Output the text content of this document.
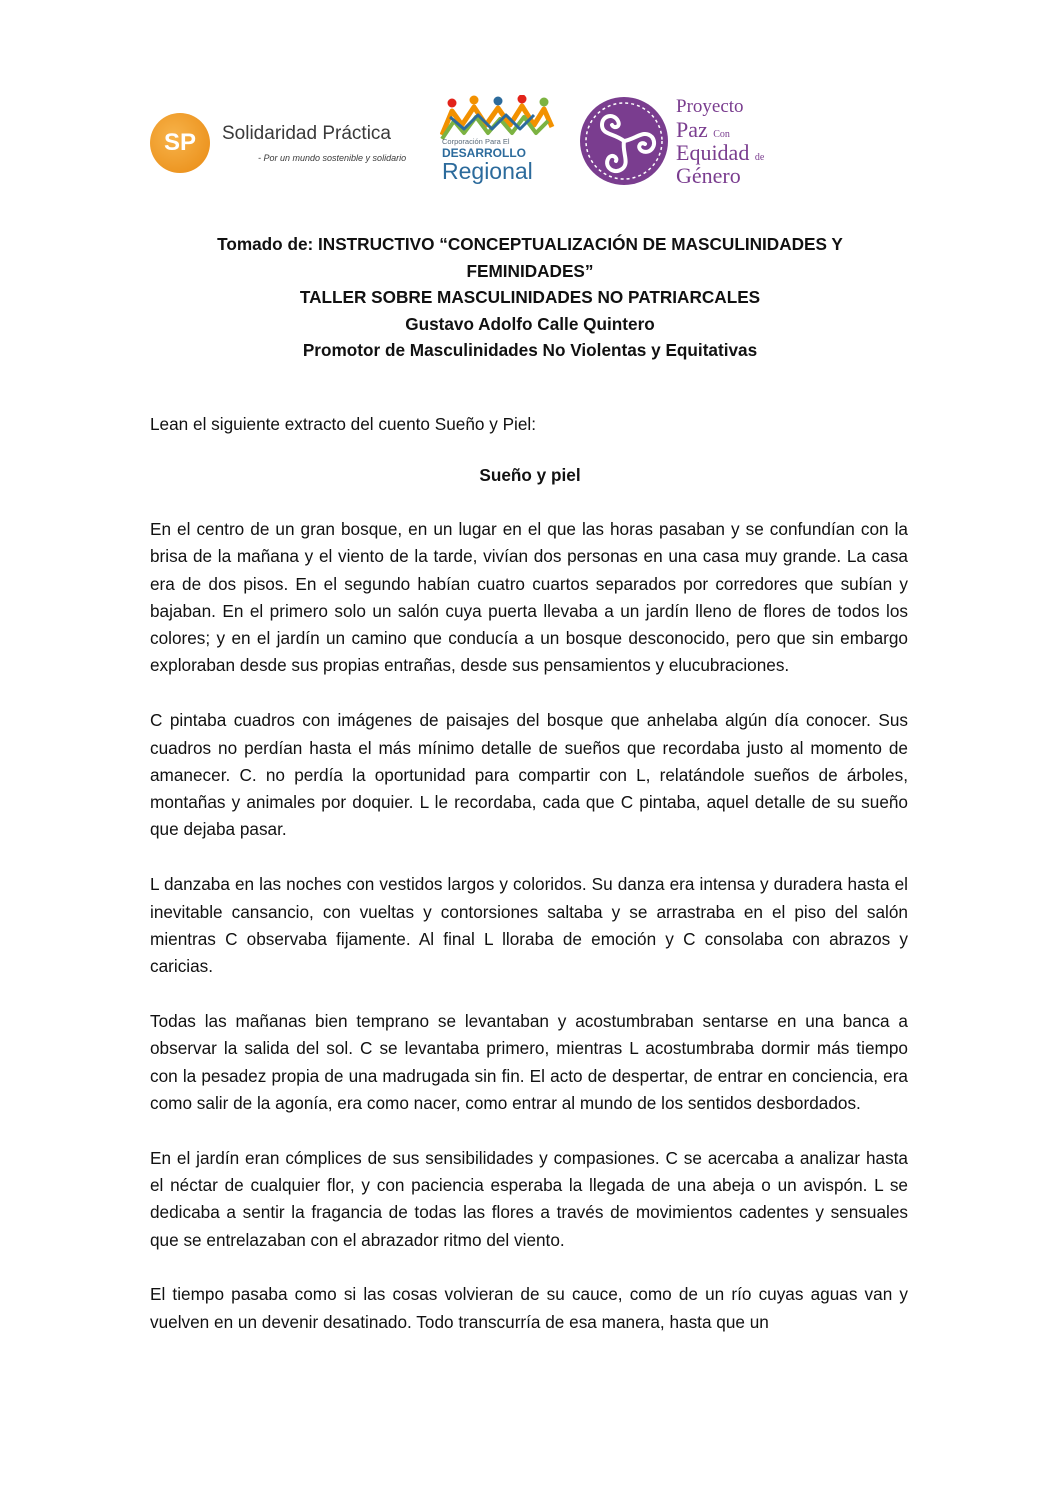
SP	Solidaridad Práctica
- Por un mundo sostenible y solidario
Corporación Para El
DESARROLLO
Regional
Proyecto
Paz Con
Equidad de
Género
Tomado de: INSTRUCTIVO “CONCEPTUALIZACIÓN DE MASCULINIDADES Y
FEMINIDADES”
TALLER SOBRE MASCULINIDADES NO PATRIARCALES
Gustavo Adolfo Calle Quintero
Promotor de Masculinidades No Violentas y Equitativas
Lean el siguiente extracto del cuento Sueño y Piel:
Sueño y piel

En el centro de un gran bosque, en un lugar en el que las horas pasaban y se confundían con la brisa de la mañana y el viento de la tarde, vivían dos personas en una casa muy grande. La casa era de dos pisos. En el segundo habían cuatro cuartos separados por corredores que subían y bajaban. En el primero solo un salón cuya puerta llevaba a un jardín lleno de flores de todos los colores; y en el jardín un camino que conducía a un bosque desconocido, pero que sin embargo exploraban desde sus propias entrañas, desde sus pensamientos y elucubraciones.

C pintaba cuadros con imágenes de paisajes del bosque que anhelaba algún día conocer. Sus cuadros no perdían hasta el más mínimo detalle de sueños que recordaba justo al momento de amanecer. C. no perdía la oportunidad para compartir con L, relatándole sueños de árboles, montañas y animales por doquier. L le recordaba, cada que C pintaba, aquel detalle de su sueño que dejaba pasar.

L danzaba en las noches con vestidos largos y coloridos. Su danza era intensa y duradera hasta el inevitable cansancio, con vueltas y contorsiones saltaba y se arrastraba en el piso del salón mientras C observaba fijamente. Al final L lloraba de emoción y C consolaba con abrazos y caricias.

Todas las mañanas bien temprano se levantaban y acostumbraban sentarse en una banca a observar la salida del sol. C se levantaba primero, mientras L acostumbraba dormir más tiempo con la pesadez propia de una madrugada sin fin. El acto de despertar, de entrar en conciencia, era como salir de la agonía, era como nacer, como entrar al mundo de los sentidos desbordados.

En el jardín eran cómplices de sus sensibilidades y compasiones. C se acercaba a analizar hasta el néctar de cualquier flor, y con paciencia esperaba la llegada de una abeja o un avispón. L se dedicaba a sentir la fragancia de todas las flores a través de movimientos cadentes y sensuales que se entrelazaban con el abrazador ritmo del viento.

El tiempo pasaba como si las cosas volvieran de su cauce, como de un río cuyas aguas van y vuelven en un devenir desatinado. Todo transcurría de esa manera, hasta que un
